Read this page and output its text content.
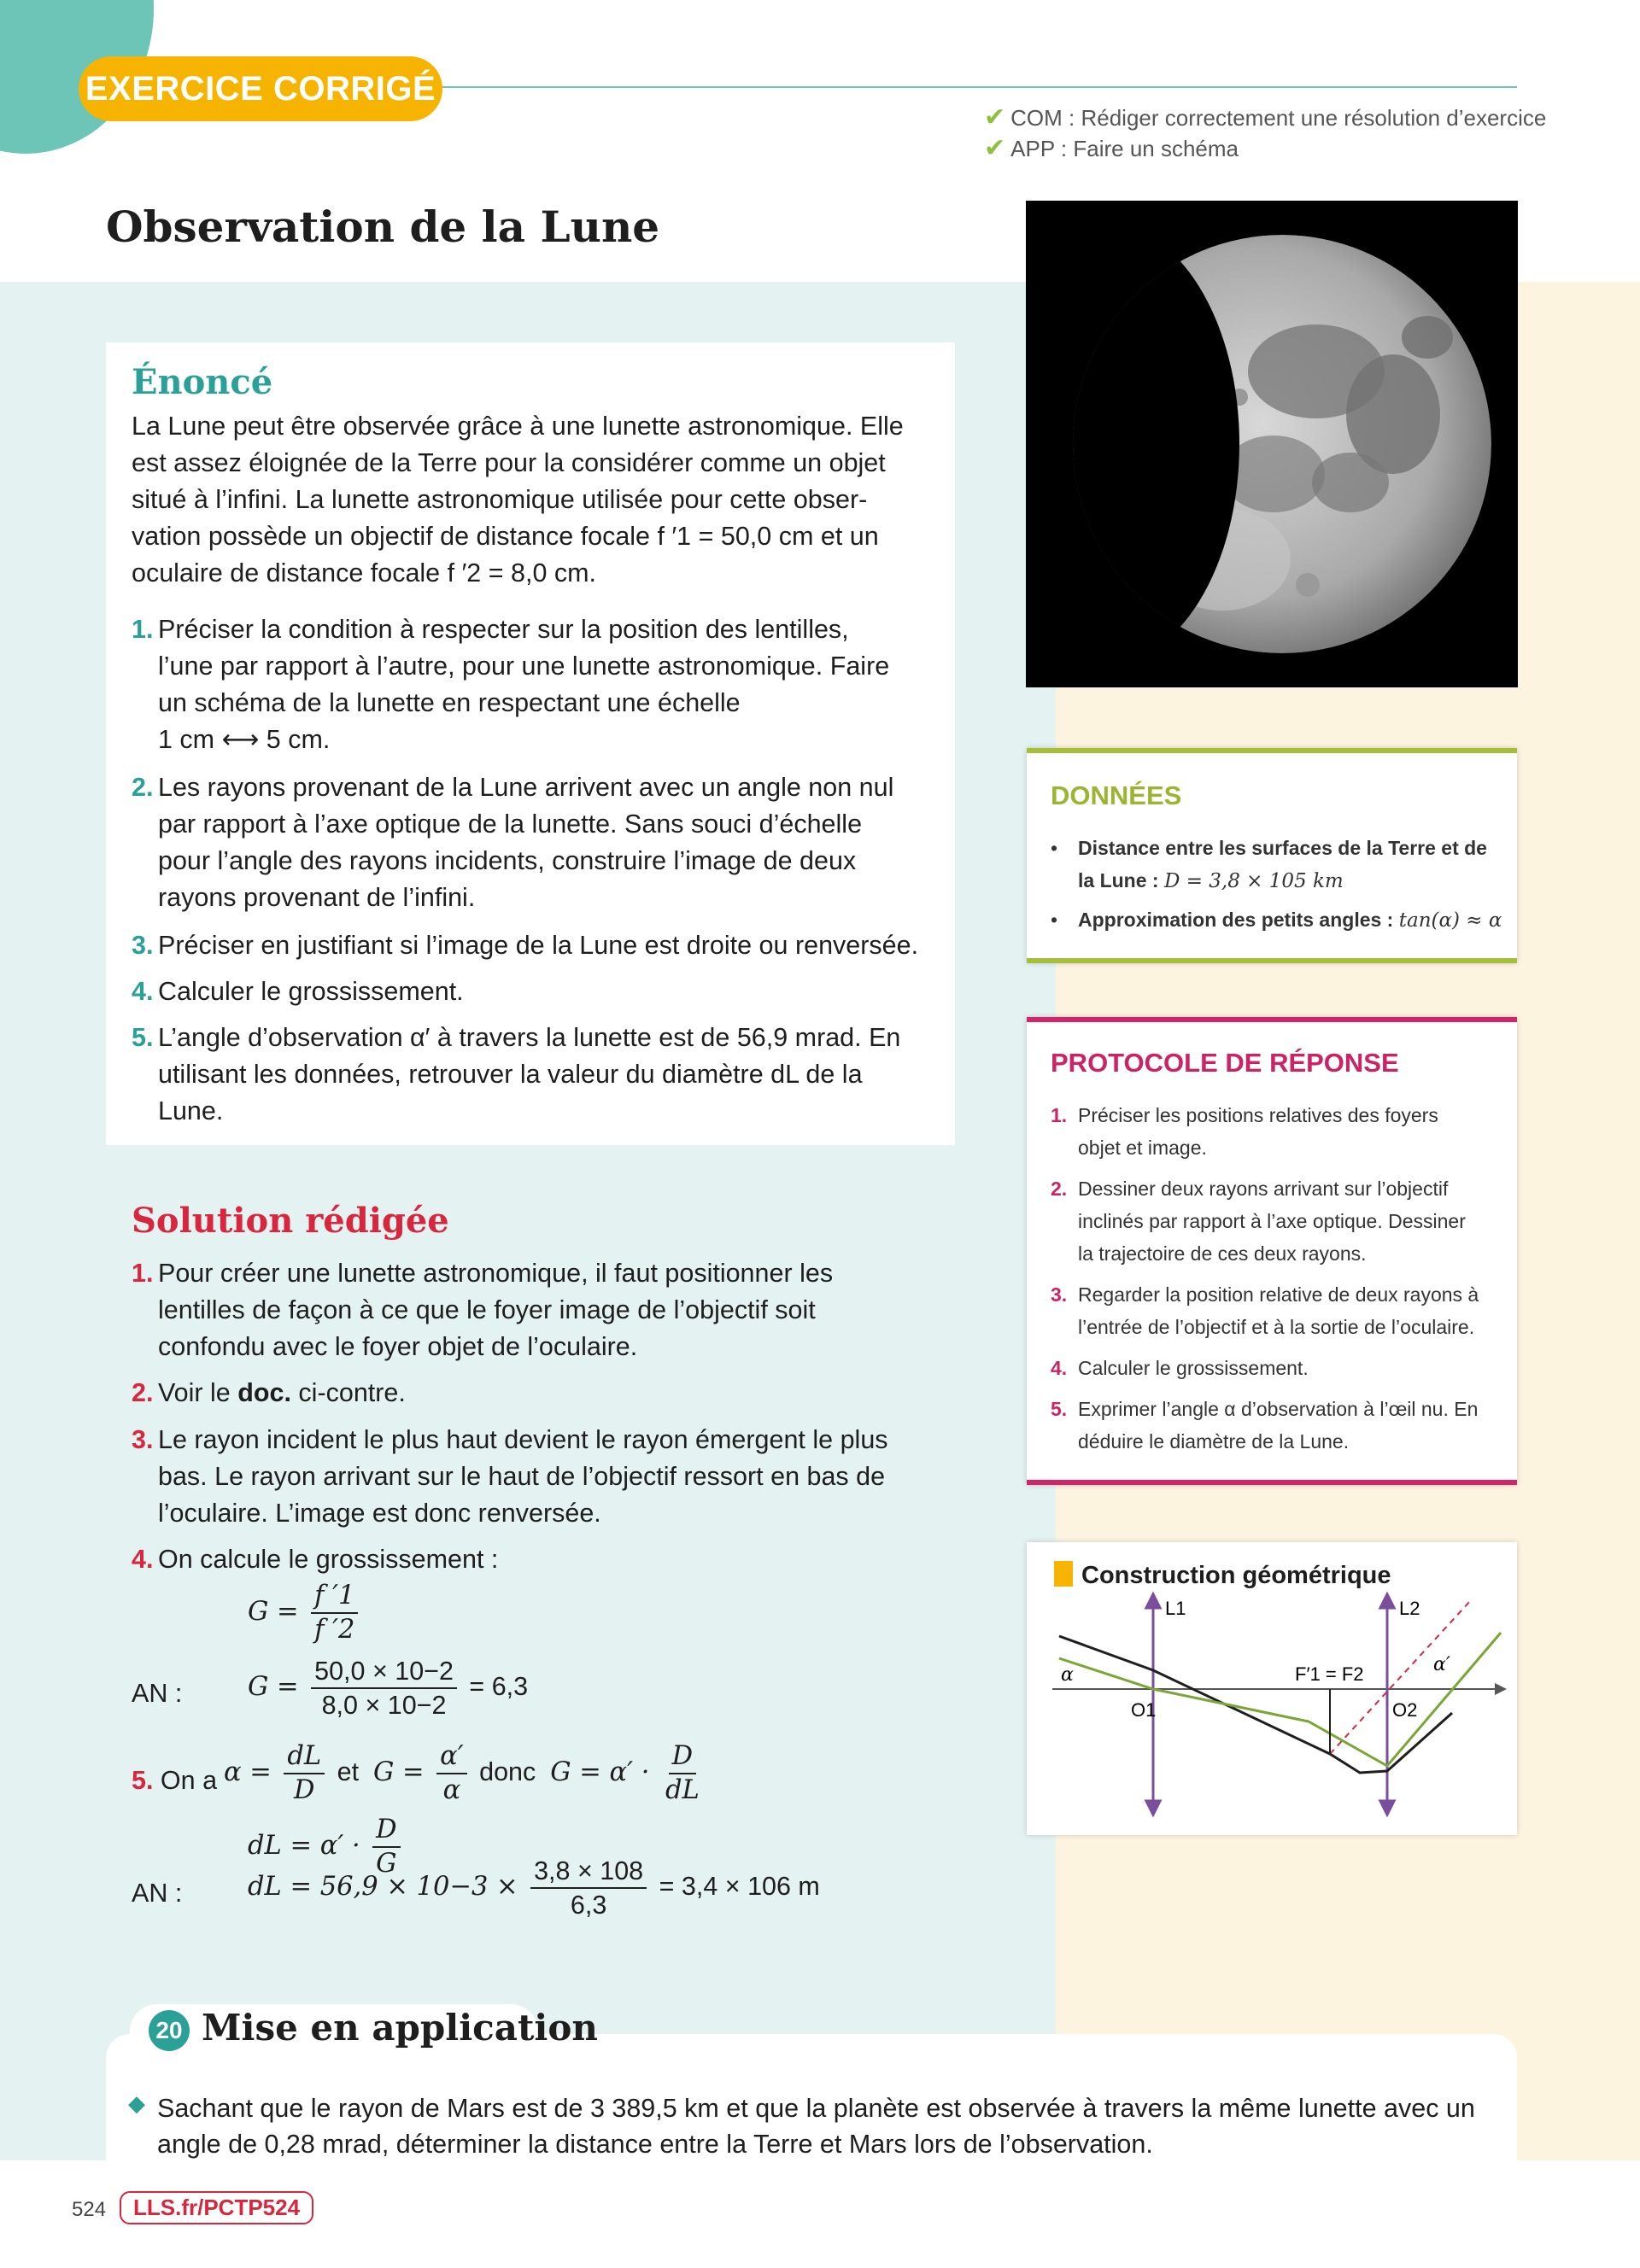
EXERCICE CORRIGÉ
✔ COM : Rédiger correctement une résolution d’exercice
✔ APP : Faire un schéma
Observation de la Lune
Énoncé
La Lune peut être observée grâce à une lunette astronomique. Elle
est assez éloignée de la Terre pour la considérer comme un objet
situé à l’infini. La lunette astronomique utilisée pour cette obser-
vation possède un objectif de distance focale f ′1 = 50,0 cm et un
oculaire de distance focale f ′2 = 8,0 cm.
1. Préciser la condition à respecter sur la position des lentilles,
l’une par rapport à l’autre, pour une lunette astronomique. Faire
un schéma de la lunette en respectant une échelle
1 cm ⟷ 5 cm.
2. Les rayons provenant de la Lune arrivent avec un angle non nul
par rapport à l’axe optique de la lunette. Sans souci d’échelle
pour l’angle des rayons incidents, construire l’image de deux
rayons provenant de l’infini.
3. Préciser en justifiant si l’image de la Lune est droite ou renversée.
4. Calculer le grossissement.
5. L’angle d’observation α′ à travers la lunette est de 56,9 mrad. En
utilisant les données, retrouver la valeur du diamètre dL de la
Lune.
Solution rédigée
1. Pour créer une lunette astronomique, il faut positionner les
lentilles de façon à ce que le foyer image de l’objectif soit
confondu avec le foyer objet de l’oculaire.
2. Voir le doc. ci-contre.
3. Le rayon incident le plus haut devient le rayon émergent le plus
bas. Le rayon arrivant sur le haut de l’objectif ressort en bas de
l’oculaire. L’image est donc renversée.
4. On calcule le grossissement :
$G = \frac{f '1}{f '2}$
AN :	$G = \frac{50,0 \times 10-2}{8,0 \times 10-2} = 6,3$
5. On a $\alpha = \frac{dL}{D}$ et $G = \frac{\alpha'}{\alpha}$ donc $G = \alpha' \cdot \frac{D}{dL}$
dL = $\alpha' \cdot \frac{D}{G}$
AN :	dL = $56,9 \times 10-3 \times \frac{3,8 \times 108}{6,3} = 3,4 \times 106$ m
DONNÉES
• Distance entre les surfaces de la Terre et de la Lune : D = 3,8 × 105 km
• Approximation des petits angles : tan(α) ≈ α
PROTOCOLE DE RÉPONSE
1. Préciser les positions relatives des foyers
objet et image.
2. Dessiner deux rayons arrivant sur l’objectif
inclinés par rapport à l’axe optique. Dessiner
la trajectoire de ces deux rayons.
3. Regarder la position relative de deux rayons à
l’entrée de l’objectif et à la sortie de l’oculaire.
4. Calculer le grossissement.
5. Exprimer l’angle α d’observation à l’œil nu. En
déduire le diamètre de la Lune.
Construction géométrique
L1	L2
F′1 = F2
O1	O2
α	α′
20 Mise en application
◆ Sachant que le rayon de Mars est de 3 389,5 km et que la planète est observée à travers la même lunette avec un
angle de 0,28 mrad, déterminer la distance entre la Terre et Mars lors de l’observation.
524	LLS.fr/PCTP524
